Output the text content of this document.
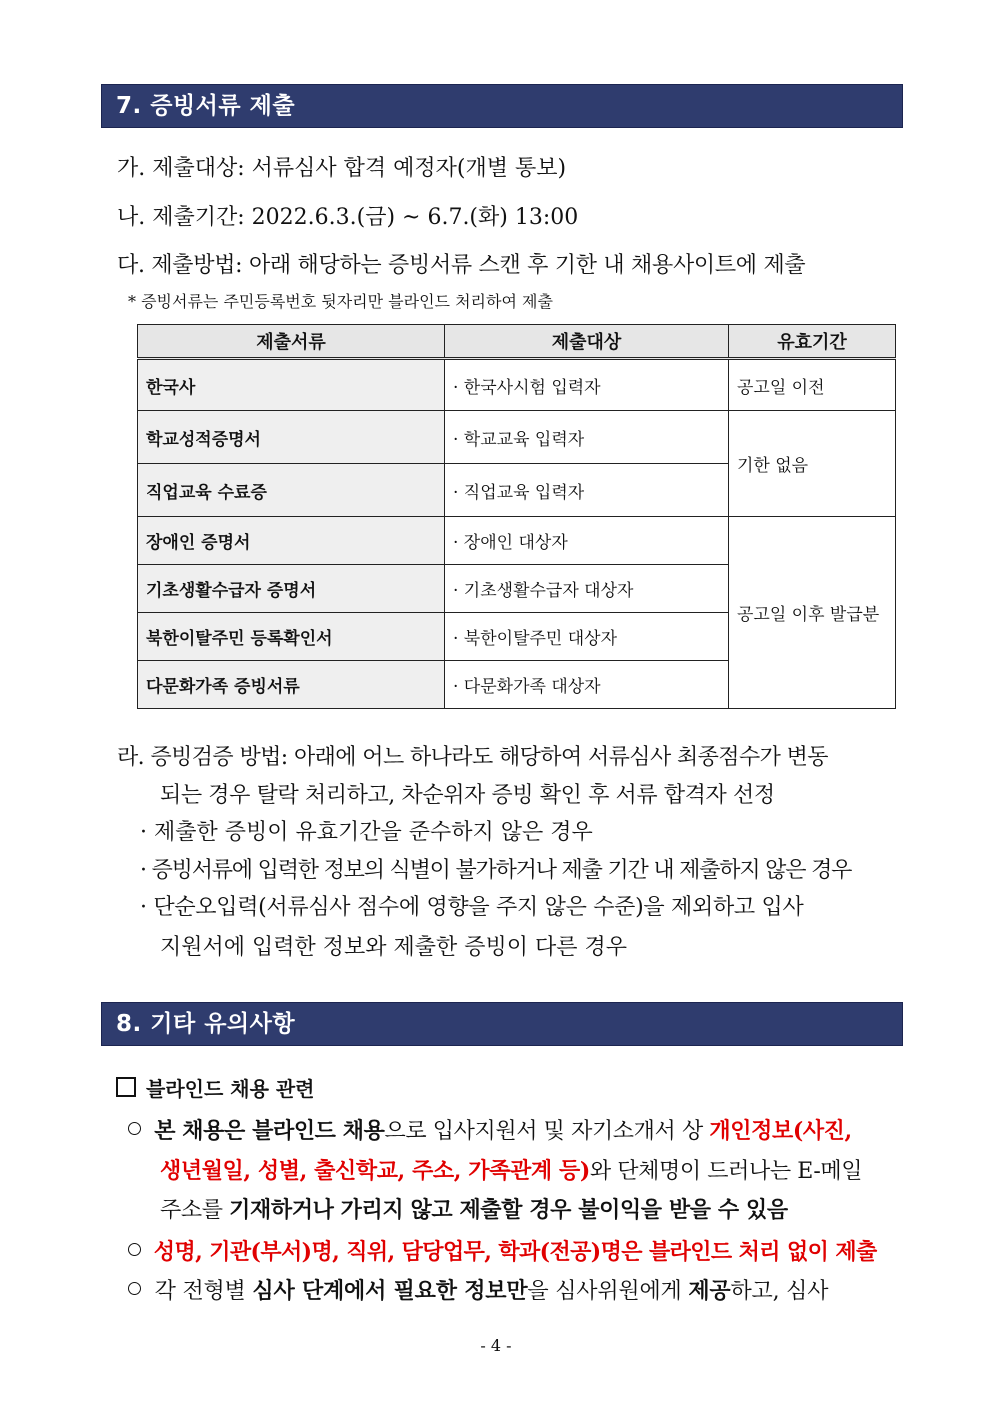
7. 증빙서류 제출
가. 제출대상: 서류심사 합격 예정자(개별 통보)
나. 제출기간: 2022.6.3.(금) ~ 6.7.(화) 13:00
다. 제출방법: 아래 해당하는 증빙서류 스캔 후 기한 내 채용사이트에 제출
* 증빙서류는 주민등록번호 뒷자리만 블라인드 처리하여 제출
제출서류	제출대상	유효기간
한국사	· 한국사시험 입력자	공고일 이전
학교성적증명서	· 학교교육 입력자	기한 없음
직업교육 수료증	· 직업교육 입력자	
장애인 증명서	· 장애인 대상자	공고일 이후 발급분
기초생활수급자 증명서	· 기초생활수급자 대상자	
북한이탈주민 등록확인서	· 북한이탈주민 대상자	
다문화가족 증빙서류	· 다문화가족 대상자	
라. 증빙검증 방법: 아래에 어느 하나라도 해당하여 서류심사 최종점수가 변동
되는 경우 탈락 처리하고, 차순위자 증빙 확인 후 서류 합격자 선정
· 제출한 증빙이 유효기간을 준수하지 않은 경우
· 증빙서류에 입력한 정보의 식별이 불가하거나 제출 기간 내 제출하지 않은 경우
· 단순오입력(서류심사 점수에 영향을 주지 않은 수준)을 제외하고 입사
지원서에 입력한 정보와 제출한 증빙이 다른 경우
8. 기타 유의사항
블라인드 채용 관련
본 채용은 블라인드 채용으로 입사지원서 및 자기소개서 상 개인정보(사진,
생년월일, 성별, 출신학교, 주소, 가족관계 등)와 단체명이 드러나는 E-메일
주소를 기재하거나 가리지 않고 제출할 경우 불이익을 받을 수 있음
성명, 기관(부서)명, 직위, 담당업무, 학과(전공)명은 블라인드 처리 없이 제출
각 전형별 심사 단계에서 필요한 정보만을 심사위원에게 제공하고, 심사
- 4 -
